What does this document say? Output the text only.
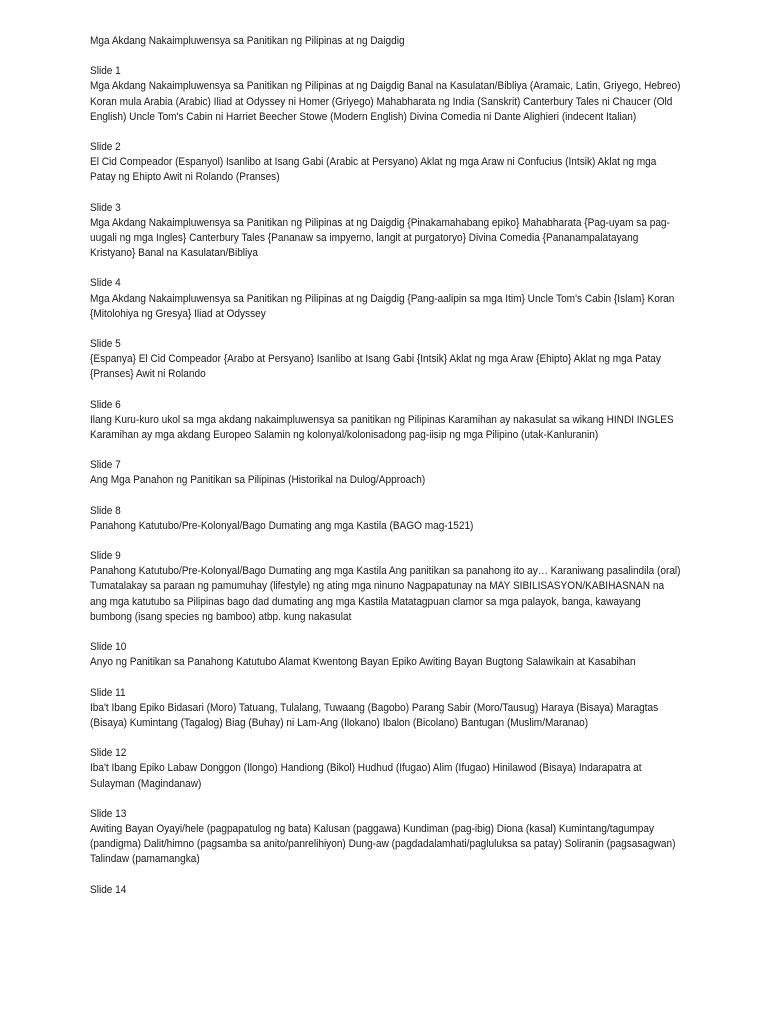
Mga Akdang Nakaimpluwensya sa Panitikan ng Pilipinas at ng Daigdig
Slide 1
Mga Akdang Nakaimpluwensya sa Panitikan ng Pilipinas at ng Daigdig Banal na Kasulatan/Bibliya (Aramaic, Latin, Griyego, Hebreo) Koran mula Arabia (Arabic) Iliad at Odyssey ni Homer (Griyego) Mahabharata ng India (Sanskrit) Canterbury Tales ni Chaucer (Old English) Uncle Tom's Cabin ni Harriet Beecher Stowe (Modern English) Divina Comedia ni Dante Alighieri (indecent Italian)
Slide 2
El Cid Compeador (Espanyol) Isanlibo at Isang Gabi (Arabic at Persyano) Aklat ng mga Araw ni Confucius (Intsik) Aklat ng mga Patay ng Ehipto Awit ni Rolando (Pranses)
Slide 3
Mga Akdang Nakaimpluwensya sa Panitikan ng Pilipinas at ng Daigdig {Pinakamahabang epiko} Mahabharata {Pag-uyam sa pag-uugali ng mga Ingles} Canterbury Tales {Pananaw sa impyerno, langit at purgatoryo} Divina Comedia {Pananampalatayang Kristyano} Banal na Kasulatan/Bibliya
Slide 4
Mga Akdang Nakaimpluwensya sa Panitikan ng Pilipinas at ng Daigdig {Pang-aalipin sa mga Itim} Uncle Tom's Cabin {Islam} Koran {Mitolohiya ng Gresya} Iliad at Odyssey
Slide 5
{Espanya} El Cid Compeador {Arabo at Persyano} Isanlibo at Isang Gabi {Intsik} Aklat ng mga Araw {Ehipto} Aklat ng mga Patay {Pranses} Awit ni Rolando
Slide 6
Ilang Kuru-kuro ukol sa mga akdang nakaimpluwensya sa panitikan ng Pilipinas Karamihan ay nakasulat sa wikang HINDI INGLES Karamihan ay mga akdang Europeo Salamin ng kolonyal/kolonisadong pag-iisip ng mga Pilipino (utak-Kanluranin)
Slide 7
Ang Mga Panahon ng Panitikan sa Pilipinas (Historikal na Dulog/Approach)
Slide 8
Panahong Katutubo/Pre-Kolonyal/Bago Dumating ang mga Kastila (BAGO mag-1521)
Slide 9
Panahong Katutubo/Pre-Kolonyal/Bago Dumating ang mga Kastila Ang panitikan sa panahong ito ay… Karaniwang pasalindila (oral) Tumatalakay sa paraan ng pamumuhay (lifestyle) ng ating mga ninuno Nagpapatunay na MAY SIBILISASYON/KABIHASNAN na ang mga katutubo sa Pilipinas bago dad dumating ang mga Kastila Matatagpuan clamor sa mga palayok, banga, kawayang bumbong (isang species ng bamboo) atbp. kung nakasulat
Slide 10
Anyo ng Panitikan sa Panahong Katutubo Alamat Kwentong Bayan Epiko Awiting Bayan Bugtong Salawikain at Kasabihan
Slide 11
Iba't Ibang Epiko Bidasari (Moro) Tatuang, Tulalang, Tuwaang (Bagobo) Parang Sabir (Moro/Tausug) Haraya (Bisaya) Maragtas (Bisaya) Kumintang (Tagalog) Biag (Buhay) ni Lam-Ang (Ilokano) Ibalon (Bicolano) Bantugan (Muslim/Maranao)
Slide 12
Iba't Ibang Epiko Labaw Donggon (Ilongo) Handiong (Bikol) Hudhud (Ifugao) Alim (Ifugao) Hinilawod (Bisaya) Indarapatra at Sulayman (Magindanaw)
Slide 13
Awiting Bayan Oyayi/hele (pagpapatulog ng bata) Kalusan (paggawa) Kundiman (pag-ibig) Diona (kasal) Kumintang/tagumpay (pandigma) Dalit/himno (pagsamba sa anito/panrelihiyon) Dung-aw (pagdadalamhati/pagluluksa sa patay) Soliranin (pagsasagwan) Talindaw (pamamangka)
Slide 14
